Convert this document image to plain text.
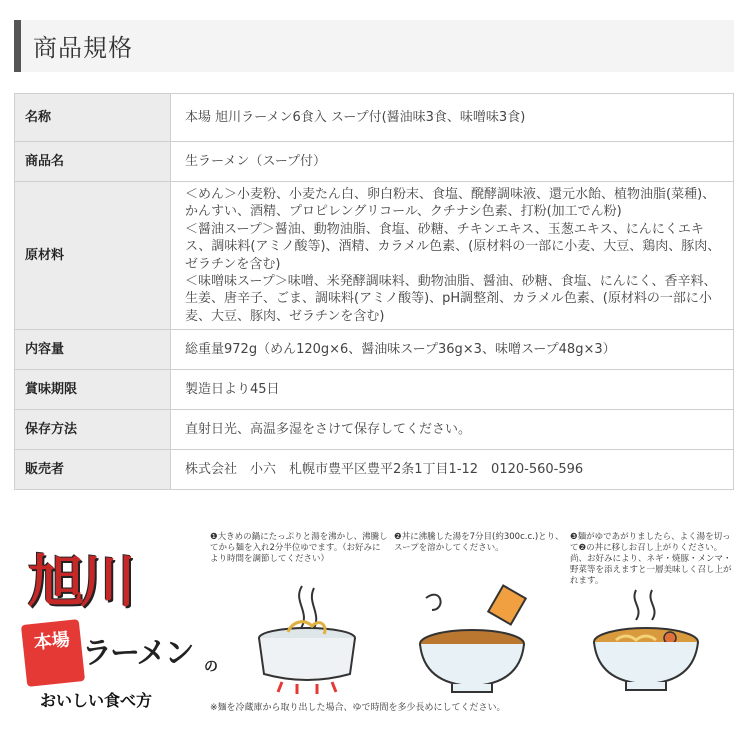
商品規格
名称	本場 旭川ラーメン6食入 スープ付(醤油味3食、味噌味3食)
商品名	生ラーメン（スープ付）
原材料	＜めん＞小麦粉、小麦たん白、卵白粉末、食塩、醗酵調味液、還元水飴、植物油脂(菜種)、かんすい、酒精、プロピレングリコール、クチナシ色素、打粉(加工でん粉)
＜醤油スープ＞醤油、動物油脂、食塩、砂糖、チキンエキス、玉葱エキス、にんにくエキス、調味料(アミノ酸等)、酒精、カラメル色素、(原材料の一部に小麦、大豆、鶏肉、豚肉、ゼラチンを含む)
＜味噌味スープ＞味噌、米発酵調味料、動物油脂、醤油、砂糖、食塩、にんにく、香辛料、生姜、唐辛子、ごま、調味料(アミノ酸等)、pH調整剤、カラメル色素、(原材料の一部に小麦、大豆、豚肉、ゼラチンを含む)
内容量	総重量972g（めん120g×6、醤油味スープ36g×3、味噌スープ48g×3）
賞味期限	製造日より45日
保存方法	直射日光、高温多湿をさけて保存してください。
販売者	株式会社　小六　札幌市豊平区豊平2条1丁目1-12　0120-560-596
旭川
本場 ラーメン の
おいしい食べ方
❶大きめの鍋にたっぷりと湯を沸かし、沸騰してから麺を入れ2分半位ゆでます。（お好みにより時間を調節してください）
❷丼に沸騰した湯を7分目(約300c.c.)とり、スープを溶かしてください。
❸麺がゆであがりましたら、よく湯を切って❷の丼に移しお召し上がりください。尚、お好みにより、ネギ・焼豚・メンマ・野菜等を添えますと一層美味しく召し上がれます。
※麺を冷蔵庫から取り出した場合、ゆで時間を多少長めにしてください。
